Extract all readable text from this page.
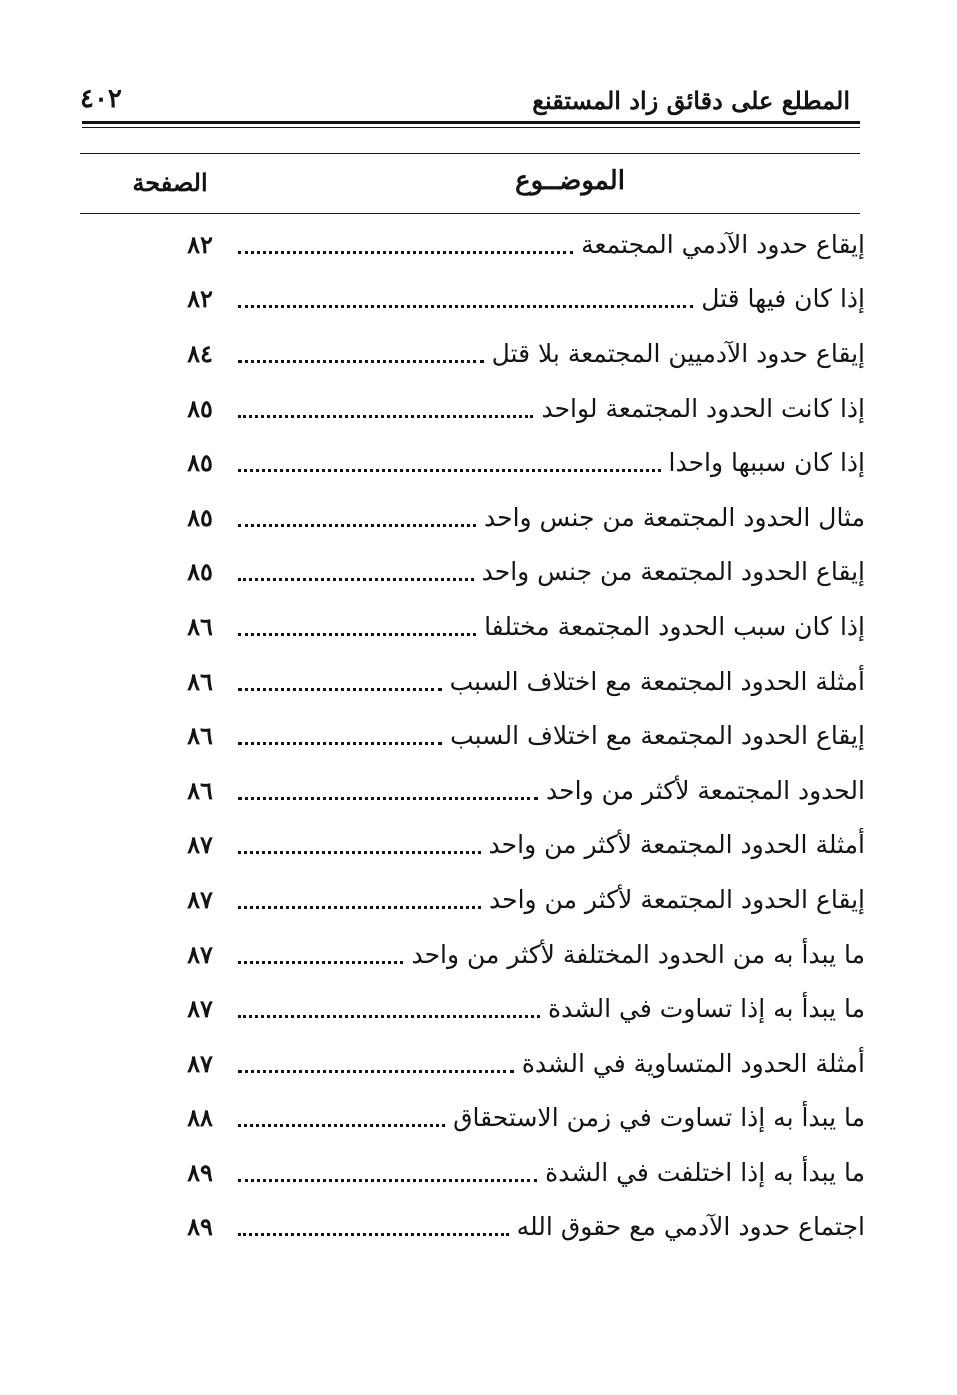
٤٠٢	المطلع على دقائق زاد المستقنع
الموضــوع
الصفحة
٨٢	إيقاع حدود الآدمي المجتمعة
٨٢	إذا كان فيها قتل
٨٤	إيقاع حدود الآدميين المجتمعة بلا قتل
٨٥	إذا كانت الحدود المجتمعة لواحد
٨٥	إذا كان سببها واحدا
٨٥	مثال الحدود المجتمعة من جنس واحد
٨٥	إيقاع الحدود المجتمعة من جنس واحد
٨٦	إذا كان سبب الحدود المجتمعة مختلفا
٨٦	أمثلة الحدود المجتمعة مع اختلاف السبب
٨٦	إيقاع الحدود المجتمعة مع اختلاف السبب
٨٦	الحدود المجتمعة لأكثر من واحد
٨٧	أمثلة الحدود المجتمعة لأكثر من واحد
٨٧	إيقاع الحدود المجتمعة لأكثر من واحد
٨٧	ما يبدأ به من الحدود المختلفة لأكثر من واحد
٨٧	ما يبدأ به إذا تساوت في الشدة
٨٧	أمثلة الحدود المتساوية في الشدة
٨٨	ما يبدأ به إذا تساوت في زمن الاستحقاق
٨٩	ما يبدأ به إذا اختلفت في الشدة
٨٩	اجتماع حدود الآدمي مع حقوق الله
